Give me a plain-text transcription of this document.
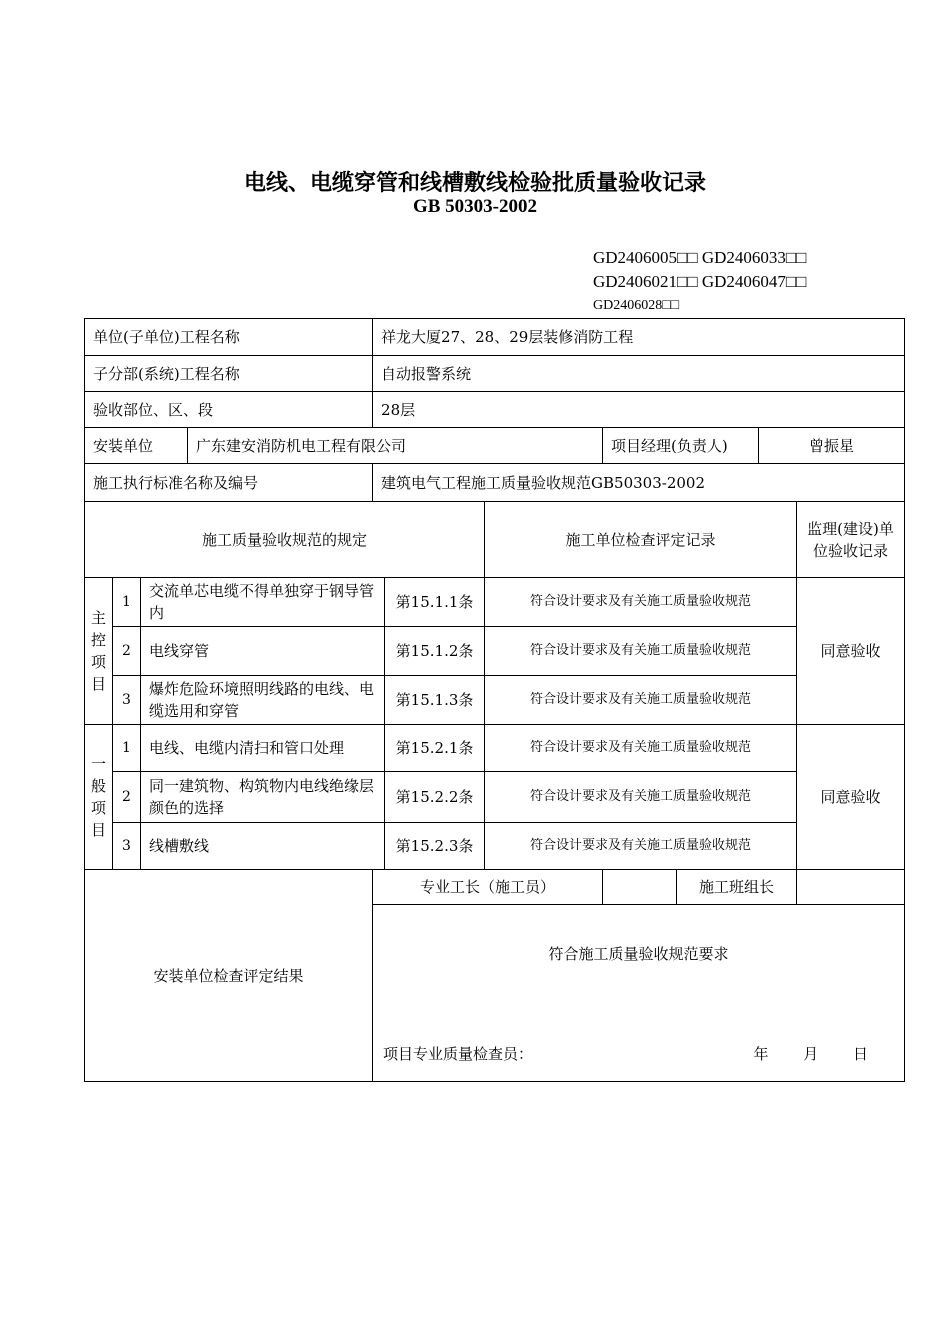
电线、电缆穿管和线槽敷线检验批质量验收记录
GB 50303-2002
GD2406005□□ GD2406033□□
GD2406021□□ GD2406047□□
GD2406028□□
单位(子单位)工程名称				祥龙大厦27、28、29层装修消防工程						
子分部(系统)工程名称				自动报警系统						
验收部位、区、段				28层						
安装单位			广东建安消防机电工程有限公司				项目经理(负责人)		曾振星	
施工执行标准名称及编号				建筑电气工程施工质量验收规范GB50303-2002						
施工质量验收规范的规定						施工单位检查评定记录				监理(建设)单位验收记录

主
控
项
目	1	交流单芯电缆不得单独穿于钢导管内			第15.1.1条	符合设计要求及有关施工质量验收规范				同意验收
	2	电线穿管			第15.1.2条	符合设计要求及有关施工质量验收规范				
	3	爆炸危险环境照明线路的电线、电缆选用和穿管			第15.1.3条	符合设计要求及有关施工质量验收规范				

一
般
项
目	1	电线、电缆内清扫和管口处理			第15.2.1条	符合设计要求及有关施工质量验收规范				同意验收
	2	同一建筑物、构筑物内电线绝缘层颜色的选择			第15.2.2条	符合设计要求及有关施工质量验收规范				
	3	线槽敷线			第15.2.3条	符合设计要求及有关施工质量验收规范				
安装单位检查评定结果				专业工长（施工员）				施工班组长		

				符合施工质量验收规范要求
项目专业质量检查员： 年 月 日						
